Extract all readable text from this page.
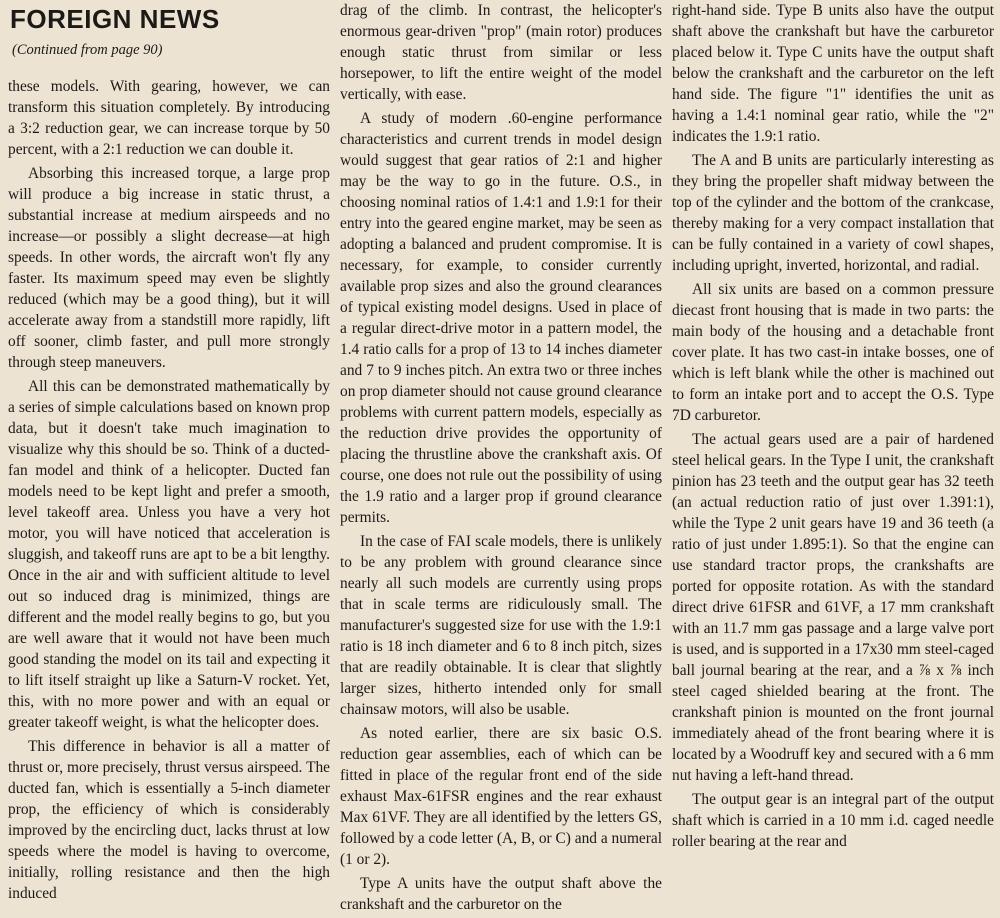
FOREIGN NEWS
(Continued from page 90)

these models. With gearing, however, we can transform this situation completely. By introducing a 3:2 reduction gear, we can increase torque by 50 percent, with a 2:1 reduction we can double it.

Absorbing this increased torque, a large prop will produce a big increase in static thrust, a substantial increase at medium airspeeds and no increase—or possibly a slight decrease—at high speeds. In other words, the aircraft won't fly any faster. Its maximum speed may even be slightly reduced (which may be a good thing), but it will accelerate away from a standstill more rapidly, lift off sooner, climb faster, and pull more strongly through steep maneuvers.

All this can be demonstrated mathematically by a series of simple calculations based on known prop data, but it doesn't take much imagination to visualize why this should be so. Think of a ducted-fan model and think of a helicopter. Ducted fan models need to be kept light and prefer a smooth, level takeoff area. Unless you have a very hot motor, you will have noticed that acceleration is sluggish, and takeoff runs are apt to be a bit lengthy. Once in the air and with sufficient altitude to level out so induced drag is minimized, things are different and the model really begins to go, but you are well aware that it would not have been much good standing the model on its tail and expecting it to lift itself straight up like a Saturn-V rocket. Yet, this, with no more power and with an equal or greater takeoff weight, is what the helicopter does.

This difference in behavior is all a matter of thrust or, more precisely, thrust versus airspeed. The ducted fan, which is essentially a 5-inch diameter prop, the efficiency of which is considerably improved by the encircling duct, lacks thrust at low speeds where the model is having to overcome, initially, rolling resistance and then the high induced

drag of the climb. In contrast, the helicopter's enormous gear-driven "prop" (main rotor) produces enough static thrust from similar or less horsepower, to lift the entire weight of the model vertically, with ease.

A study of modern .60-engine performance characteristics and current trends in model design would suggest that gear ratios of 2:1 and higher may be the way to go in the future. O.S., in choosing nominal ratios of 1.4:1 and 1.9:1 for their entry into the geared engine market, may be seen as adopting a balanced and prudent compromise. It is necessary, for example, to consider currently available prop sizes and also the ground clearances of typical existing model designs. Used in place of a regular direct-drive motor in a pattern model, the 1.4 ratio calls for a prop of 13 to 14 inches diameter and 7 to 9 inches pitch. An extra two or three inches on prop diameter should not cause ground clearance problems with current pattern models, especially as the reduction drive provides the opportunity of placing the thrustline above the crankshaft axis. Of course, one does not rule out the possibility of using the 1.9 ratio and a larger prop if ground clearance permits.

In the case of FAI scale models, there is unlikely to be any problem with ground clearance since nearly all such models are currently using props that in scale terms are ridiculously small. The manufacturer's suggested size for use with the 1.9:1 ratio is 18 inch diameter and 6 to 8 inch pitch, sizes that are readily obtainable. It is clear that slightly larger sizes, hitherto intended only for small chainsaw motors, will also be usable.

As noted earlier, there are six basic O.S. reduction gear assemblies, each of which can be fitted in place of the regular front end of the side exhaust Max-61FSR engines and the rear exhaust Max 61VF. They are all identified by the letters GS, followed by a code letter (A, B, or C) and a numeral (1 or 2).

Type A units have the output shaft above the crankshaft and the carburetor on the

right-hand side. Type B units also have the output shaft above the crankshaft but have the carburetor placed below it. Type C units have the output shaft below the crankshaft and the carburetor on the left hand side. The figure "1" identifies the unit as having a 1.4:1 nominal gear ratio, while the "2" indicates the 1.9:1 ratio.

The A and B units are particularly interesting as they bring the propeller shaft midway between the top of the cylinder and the bottom of the crankcase, thereby making for a very compact installation that can be fully contained in a variety of cowl shapes, including upright, inverted, horizontal, and radial.

All six units are based on a common pressure diecast front housing that is made in two parts: the main body of the housing and a detachable front cover plate. It has two cast-in intake bosses, one of which is left blank while the other is machined out to form an intake port and to accept the O.S. Type 7D carburetor.

The actual gears used are a pair of hardened steel helical gears. In the Type I unit, the crankshaft pinion has 23 teeth and the output gear has 32 teeth (an actual reduction ratio of just over 1.391:1), while the Type 2 unit gears have 19 and 36 teeth (a ratio of just under 1.895:1). So that the engine can use standard tractor props, the crankshafts are ported for opposite rotation. As with the standard direct drive 61FSR and 61VF, a 17 mm crankshaft with an 11.7 mm gas passage and a large valve port is used, and is supported in a 17x30 mm steel-caged ball journal bearing at the rear, and a ⅞ x ⅞ inch steel caged shielded bearing at the front. The crankshaft pinion is mounted on the front journal immediately ahead of the front bearing where it is located by a Woodruff key and secured with a 6 mm nut having a left-hand thread.

The output gear is an integral part of the output shaft which is carried in a 10 mm i.d. caged needle roller bearing at the rear and
